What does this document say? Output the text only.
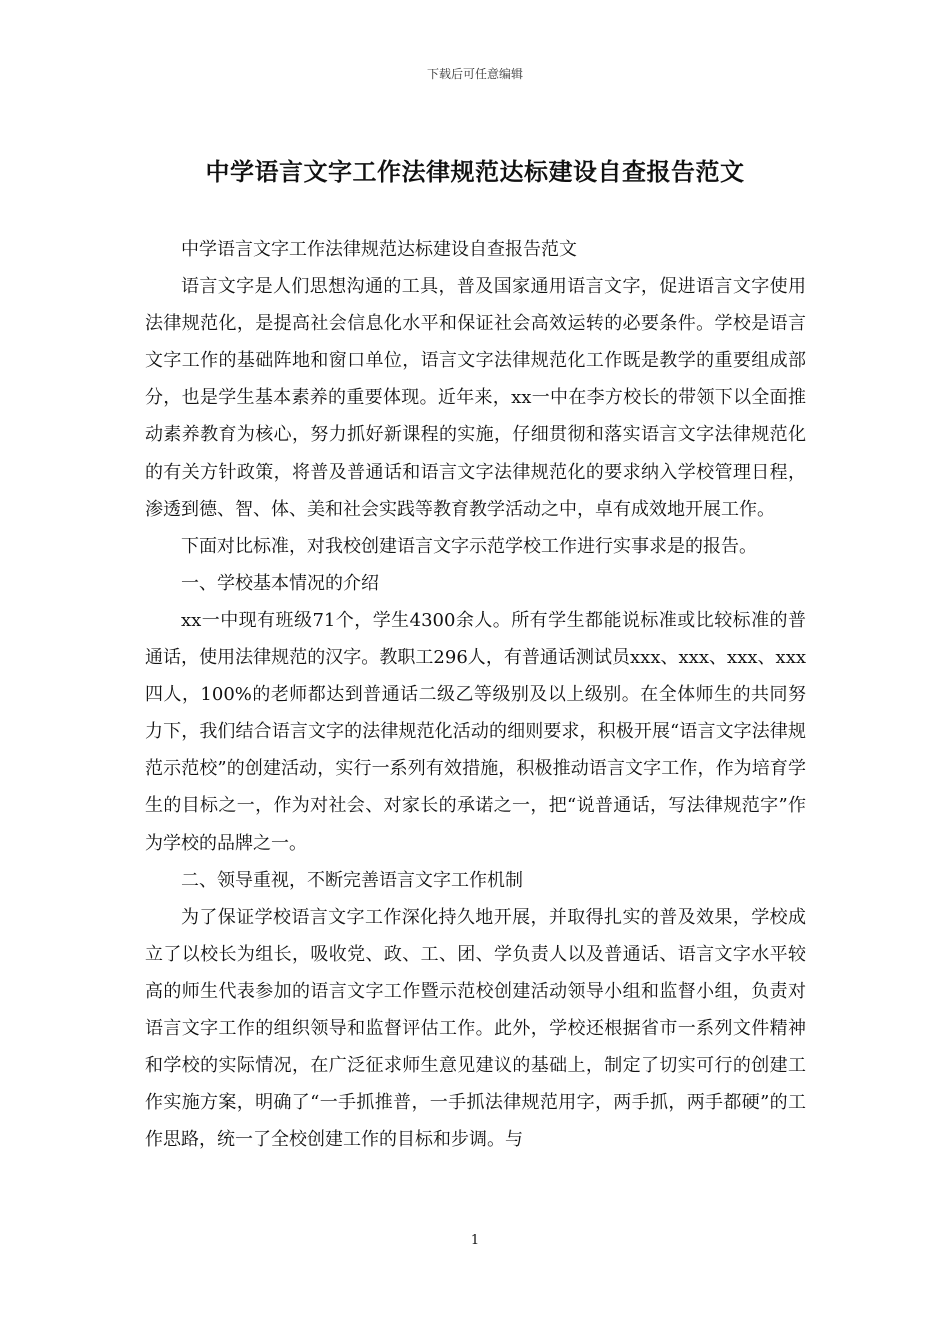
下载后可任意编辑
中学语言文字工作法律规范达标建设自查报告范文

中学语言文字工作法律规范达标建设自查报告范文

语言文字是人们思想沟通的工具，普及国家通用语言文字，促进语言文字使用法律规范化，是提高社会信息化水平和保证社会高效运转的必要条件。学校是语言文字工作的基础阵地和窗口单位，语言文字法律规范化工作既是教学的重要组成部分，也是学生基本素养的重要体现。近年来，xx一中在李方校长的带领下以全面推动素养教育为核心，努力抓好新课程的实施，仔细贯彻和落实语言文字法律规范化的有关方针政策，将普及普通话和语言文字法律规范化的要求纳入学校管理日程，渗透到德、智、体、美和社会实践等教育教学活动之中，卓有成效地开展工作。

下面对比标准，对我校创建语言文字示范学校工作进行实事求是的报告。

一、学校基本情况的介绍

xx一中现有班级71个，学生4300余人。所有学生都能说标准或比较标准的普通话，使用法律规范的汉字。教职工296人，有普通话测试员xxx、xxx、xxx、xxx四人，100%的老师都达到普通话二级乙等级别及以上级别。在全体师生的共同努力下，我们结合语言文字的法律规范化活动的细则要求，积极开展“语言文字法律规范示范校”的创建活动，实行一系列有效措施，积极推动语言文字工作，作为培育学生的目标之一，作为对社会、对家长的承诺之一，把“说普通话，写法律规范字”作为学校的品牌之一。

二、领导重视，不断完善语言文字工作机制

为了保证学校语言文字工作深化持久地开展，并取得扎实的普及效果，学校成立了以校长为组长，吸收党、政、工、团、学负责人以及普通话、语言文字水平较高的师生代表参加的语言文字工作暨示范校创建活动领导小组和监督小组，负责对语言文字工作的组织领导和监督评估工作。此外，学校还根据省市一系列文件精神和学校的实际情况，在广泛征求师生意见建议的基础上，制定了切实可行的创建工作实施方案，明确了“一手抓推普，一手抓法律规范用字，两手抓，两手都硬”的工作思路，统一了全校创建工作的目标和步调。与

1
